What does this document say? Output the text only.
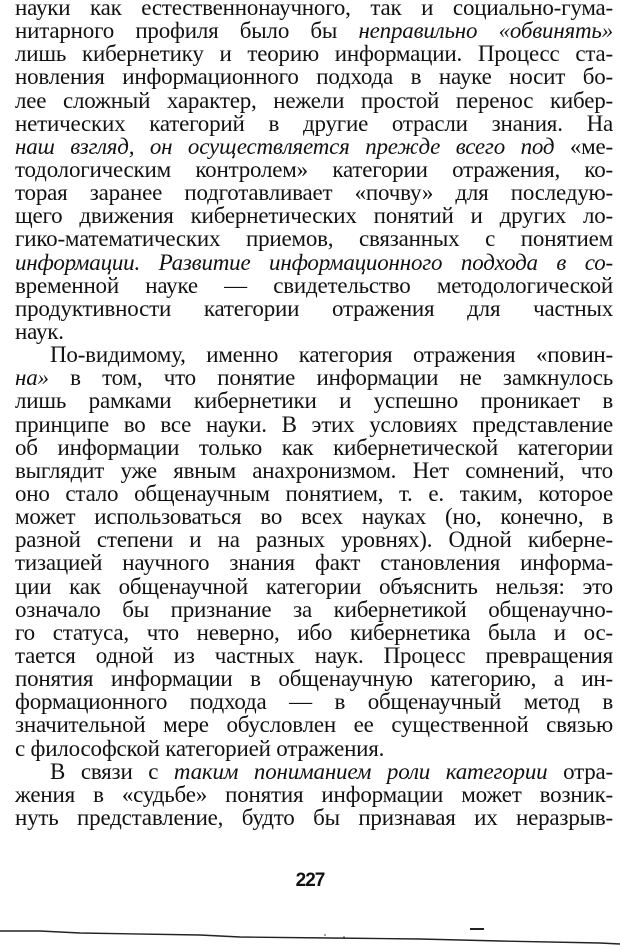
науки как естественнонаучного, так и социально-гума-
нитарного профиля было бы неправильно «обвинять»
лишь кибернетику и теорию информации. Процесс ста-
новления информационного подхода в науке носит бо-
лее сложный характер, нежели простой перенос кибер-
нетических категорий в другие отрасли знания. На
наш взгляд, он осуществляется прежде всего под «ме-
тодологическим контролем» категории отражения, ко-
торая заранее подготавливает «почву» для последую-
щего движения кибернетических понятий и других ло-
гико-математических приемов, связанных с понятием
информации. Развитие информационного подхода в со-
временной науке — свидетельство методологической
продуктивности категории отражения для частных
наук.
По-видимому, именно категория отражения «повин-
на» в том, что понятие информации не замкнулось
лишь рамками кибернетики и успешно проникает в
принципе во все науки. В этих условиях представление
об информации только как кибернетической категории
выглядит уже явным анахронизмом. Нет сомнений, что
оно стало общенаучным понятием, т. е. таким, которое
может использоваться во всех науках (но, конечно, в
разной степени и на разных уровнях). Одной киберне-
тизацией научного знания факт становления информа-
ции как общенаучной категории объяснить нельзя: это
означало бы признание за кибернетикой общенаучно-
го статуса, что неверно, ибо кибернетика была и ос-
тается одной из частных наук. Процесс превращения
понятия информации в общенаучную категорию, а ин-
формационного подхода — в общенаучный метод в
значительной мере обусловлен ее существенной связью
с философской категорией отражения.
В связи с таким пониманием роли категории отра-
жения в «судьбе» понятия информации может возник-
нуть представление, будто бы признавая их неразрыв-
227
